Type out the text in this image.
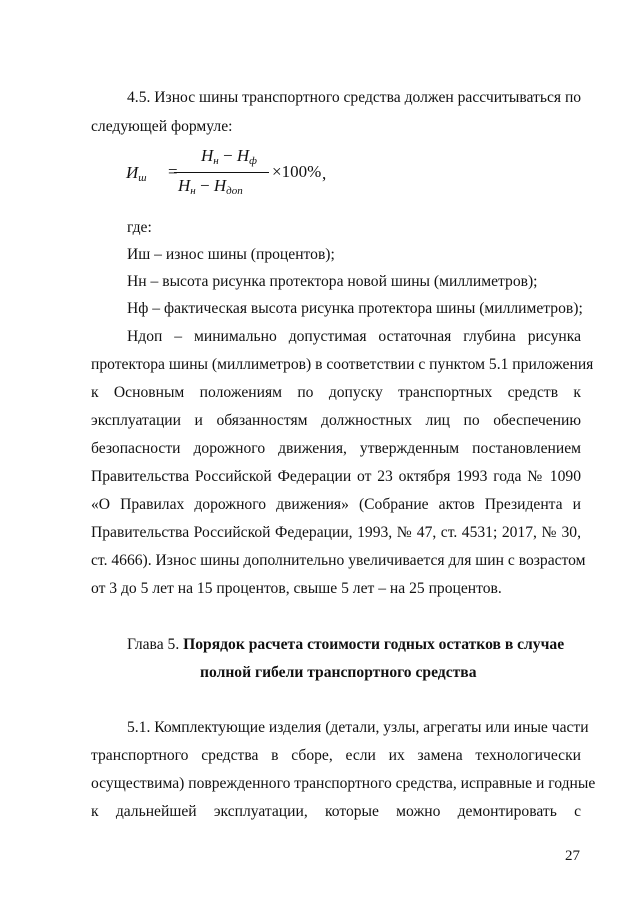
4.5. Износ шины транспортного средства должен рассчитываться по
следующей формуле:
$И_ш$ =
$Н_н - Н_ф$
$Н_н - Н_{доп}$
×100% ,
где:
Иш – износ шины (процентов);
Нн – высота рисунка протектора новой шины (миллиметров);
Нф – фактическая высота рисунка протектора шины (миллиметров);
Ндоп – минимально допустимая остаточная глубина рисунка
протектора шины (миллиметров) в соответствии с пунктом 5.1 приложения
к Основным положениям по допуску транспортных средств к
эксплуатации и обязанностям должностных лиц по обеспечению
безопасности дорожного движения, утвержденным постановлением
Правительства Российской Федерации от 23 октября 1993 года № 1090
«О Правилах дорожного движения» (Собрание актов Президента и
Правительства Российской Федерации, 1993, № 47, ст. 4531; 2017, № 30,
ст. 4666). Износ шины дополнительно увеличивается для шин с возрастом
от 3 до 5 лет на 15 процентов, свыше 5 лет – на 25 процентов.
Глава 5. Порядок расчета стоимости годных остатков в случае
полной гибели транспортного средства
5.1. Комплектующие изделия (детали, узлы, агрегаты или иные части
транспортного средства в сборе, если их замена технологически
осуществима) поврежденного транспортного средства, исправные и годные
к дальнейшей эксплуатации, которые можно демонтировать с
27
